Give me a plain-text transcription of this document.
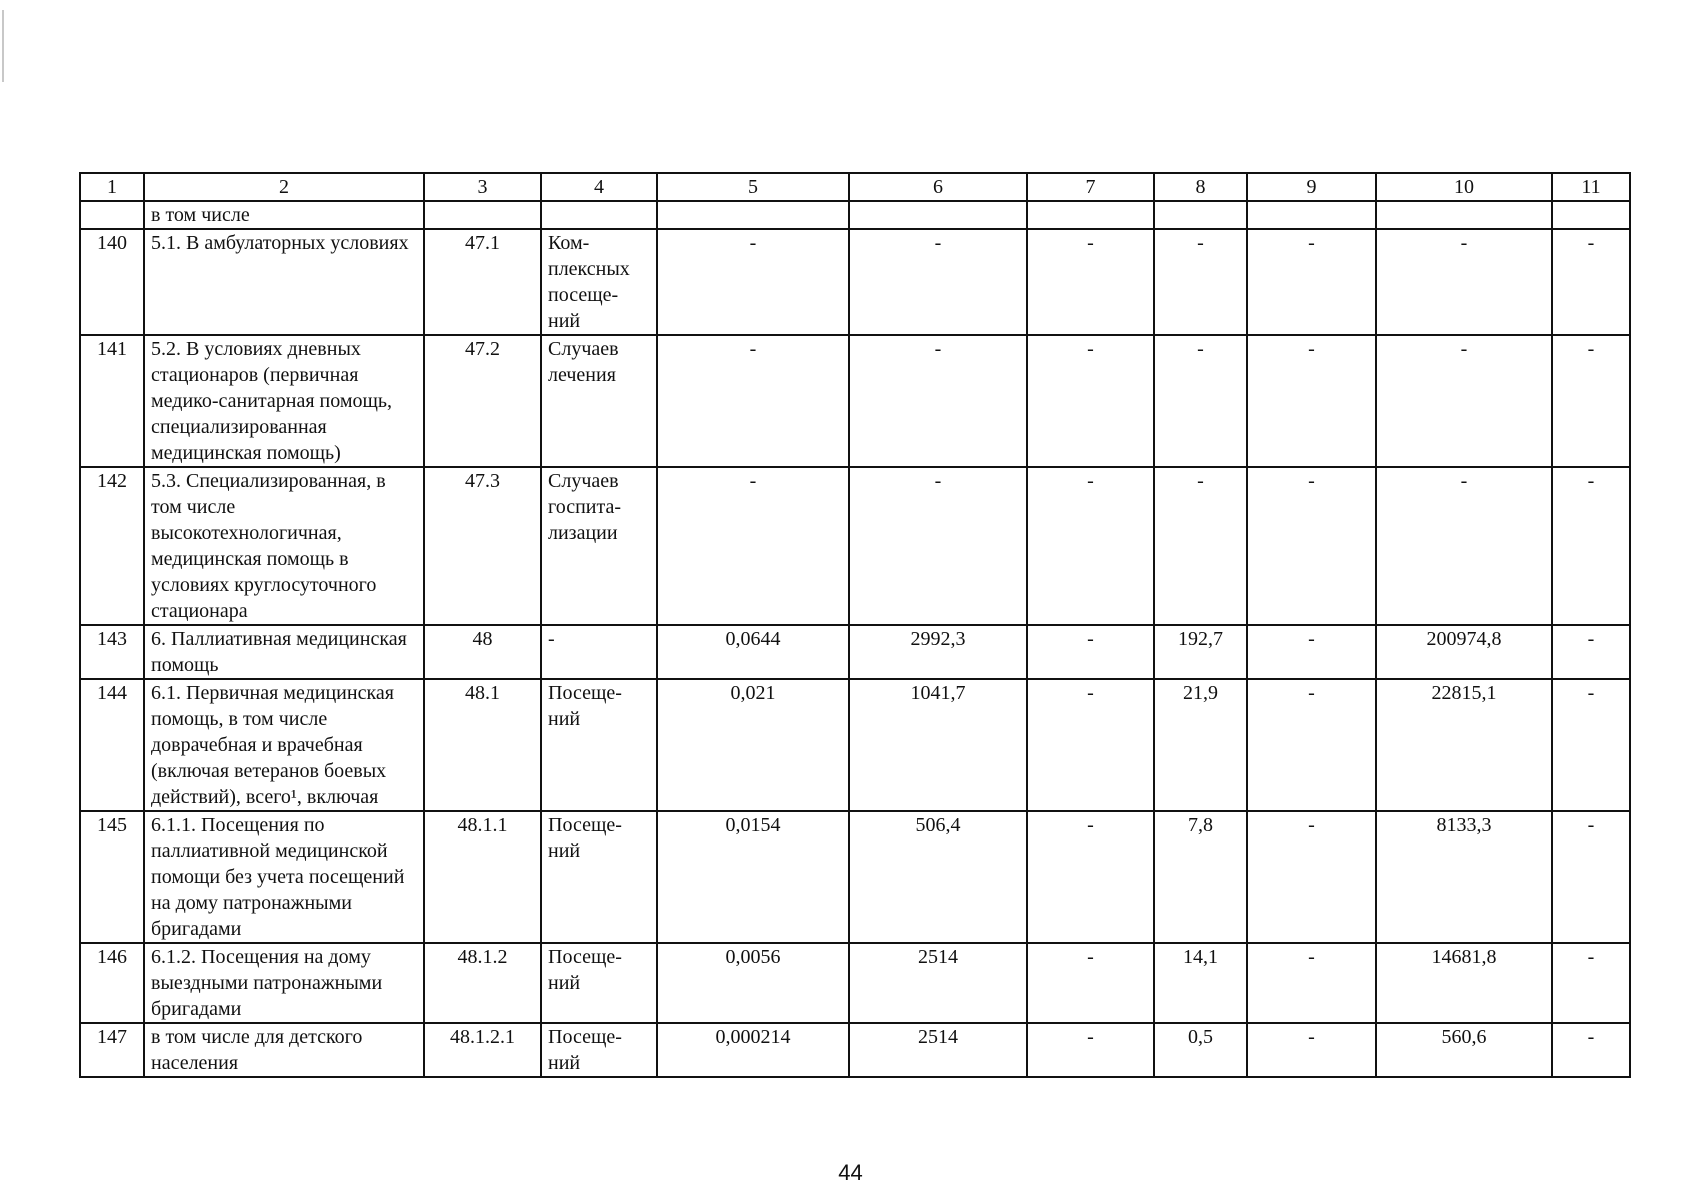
1	2	3	4	5	6	7	8	9	10	11
	в том числе									
140	5.1. В амбулаторных условиях	47.1	Ком-плексных посеще-ний	-	-	-	-	-	-	-
141	5.2. В условиях дневных стационаров (первичная медико-санитарная помощь, специализированная медицинская помощь)	47.2	Случаев лечения	-	-	-	-	-	-	-
142	5.3. Специализированная, в том числе высокотехнологичная, медицинская помощь в условиях круглосуточного стационара	47.3	Случаев госпита-лизации	-	-	-	-	-	-	-
143	6. Паллиативная медицинская помощь	48	-	0,0644	2992,3	-	192,7	-	200974,8	-
144	6.1. Первичная медицинская помощь, в том числе доврачебная и врачебная (включая ветеранов боевых действий), всего¹, включая	48.1	Посеще-ний	0,021	1041,7	-	21,9	-	22815,1	-
145	6.1.1. Посещения по паллиативной медицинской помощи без учета посещений на дому патронажными бригадами	48.1.1	Посеще-ний	0,0154	506,4	-	7,8	-	8133,3	-
146	6.1.2. Посещения на дому выездными патронажными бригадами	48.1.2	Посеще-ний	0,0056	2514	-	14,1	-	14681,8	-
147	в том числе для детского населения	48.1.2.1	Посеще-ний	0,000214	2514	-	0,5	-	560,6	-
44
